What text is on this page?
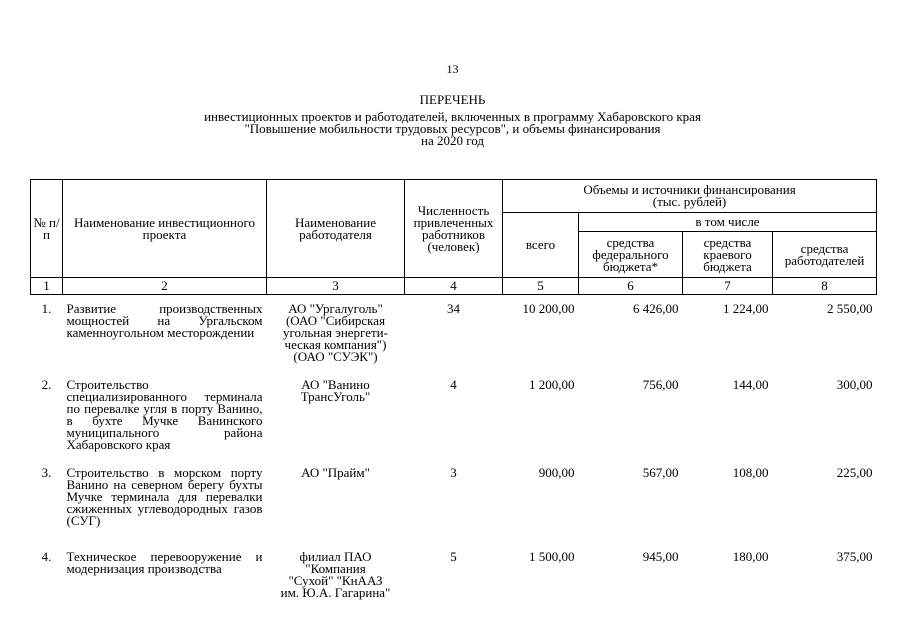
13
ПЕРЕЧЕНЬ
инвестиционных проектов и работодателей, включенных в программу Хабаровского края
"Повышение мобильности трудовых ресурсов", и объемы финансирования
на 2020 год
№ п/п	Наименование инвестиционного проекта	Наименование работодателя	Численность привлеченных работников (человек)	Объемы и источники финансирования
(тыс. рублей)			

				всего	в том числе		
					средства федерального бюджета*	средства краевого бюджета	средства работодателей
1	2	3	4	5	6	7	8
1.	Развитие производственных мощностей на Ургальском каменноугольном месторождении	АО "Ургалуголь"
(ОАО "Сибирская
угольная энергети-
ческая компания")
(ОАО "СУЭК")	34	10 200,00	6 426,00	1 224,00	2 550,00
2.	Строительство специализированного терминала по перевалке угля в порту Ванино, в бухте Мучке Ванинского муниципального района Хабаровского края	АО "Ванино
ТрансУголь"	4	1 200,00	756,00	144,00	300,00
3.	Строительство в морском порту Ванино на северном берегу бухты Мучке терминала для перевалки сжиженных углеводородных газов (СУГ)	АО "Прайм"	3	900,00	567,00	108,00	225,00
4.	Техническое перевооружение и модернизация производства	филиал ПАО
"Компания
"Сухой" "КнААЗ
им. Ю.А. Гагарина"	5	1 500,00	945,00	180,00	375,00
